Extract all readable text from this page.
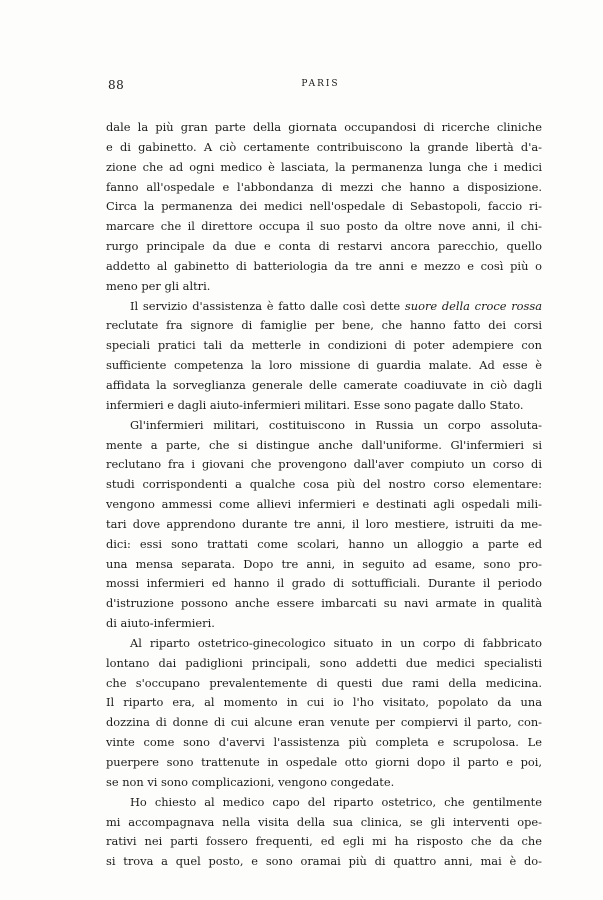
88	PARIS
dale la più gran parte della giornata occupandosi di ricerche cliniche
e di gabinetto. A ciò certamente contribuiscono la grande libertà d'a-
zione che ad ogni medico è lasciata, la permanenza lunga che i medici
fanno all'ospedale e l'abbondanza di mezzi che hanno a disposizione.
Circa la permanenza dei medici nell'ospedale di Sebastopoli, faccio ri-
marcare che il direttore occupa il suo posto da oltre nove anni, il chi-
rurgo principale da due e conta di restarvi ancora parecchio, quello
addetto al gabinetto di batteriologia da tre anni e mezzo e così più o
meno per gli altri.
Il servizio d'assistenza è fatto dalle così dette suore della croce rossa
reclutate fra signore di famiglie per bene, che hanno fatto dei corsi
speciali pratici tali da metterle in condizioni di poter adempiere con
sufficiente competenza la loro missione di guardia malate. Ad esse è
affidata la sorveglianza generale delle camerate coadiuvate in ciò dagli
infermieri e dagli aiuto-infermieri militari. Esse sono pagate dallo Stato.
Gl'infermieri militari, costituiscono in Russia un corpo assoluta-
mente a parte, che si distingue anche dall'uniforme. Gl'infermieri si
reclutano fra i giovani che provengono dall'aver compiuto un corso di
studi corrispondenti a qualche cosa più del nostro corso elementare:
vengono ammessi come allievi infermieri e destinati agli ospedali mili-
tari dove apprendono durante tre anni, il loro mestiere, istruiti da me-
dici: essi sono trattati come scolari, hanno un alloggio a parte ed
una mensa separata. Dopo tre anni, in seguito ad esame, sono pro-
mossi infermieri ed hanno il grado di sottufficiali. Durante il periodo
d'istruzione possono anche essere imbarcati su navi armate in qualità
di aiuto-infermieri.
Al riparto ostetrico-ginecologico situato in un corpo di fabbricato
lontano dai padiglioni principali, sono addetti due medici specialisti
che s'occupano prevalentemente di questi due rami della medicina.
Il riparto era, al momento in cui io l'ho visitato, popolato da una
dozzina di donne di cui alcune eran venute per compiervi il parto, con-
vinte come sono d'avervi l'assistenza più completa e scrupolosa. Le
puerpere sono trattenute in ospedale otto giorni dopo il parto e poi,
se non vi sono complicazioni, vengono congedate.
Ho chiesto al medico capo del riparto ostetrico, che gentilmente
mi accompagnava nella visita della sua clinica, se gli interventi ope-
rativi nei parti fossero frequenti, ed egli mi ha risposto che da che
si trova a quel posto, e sono oramai più di quattro anni, mai è do-
